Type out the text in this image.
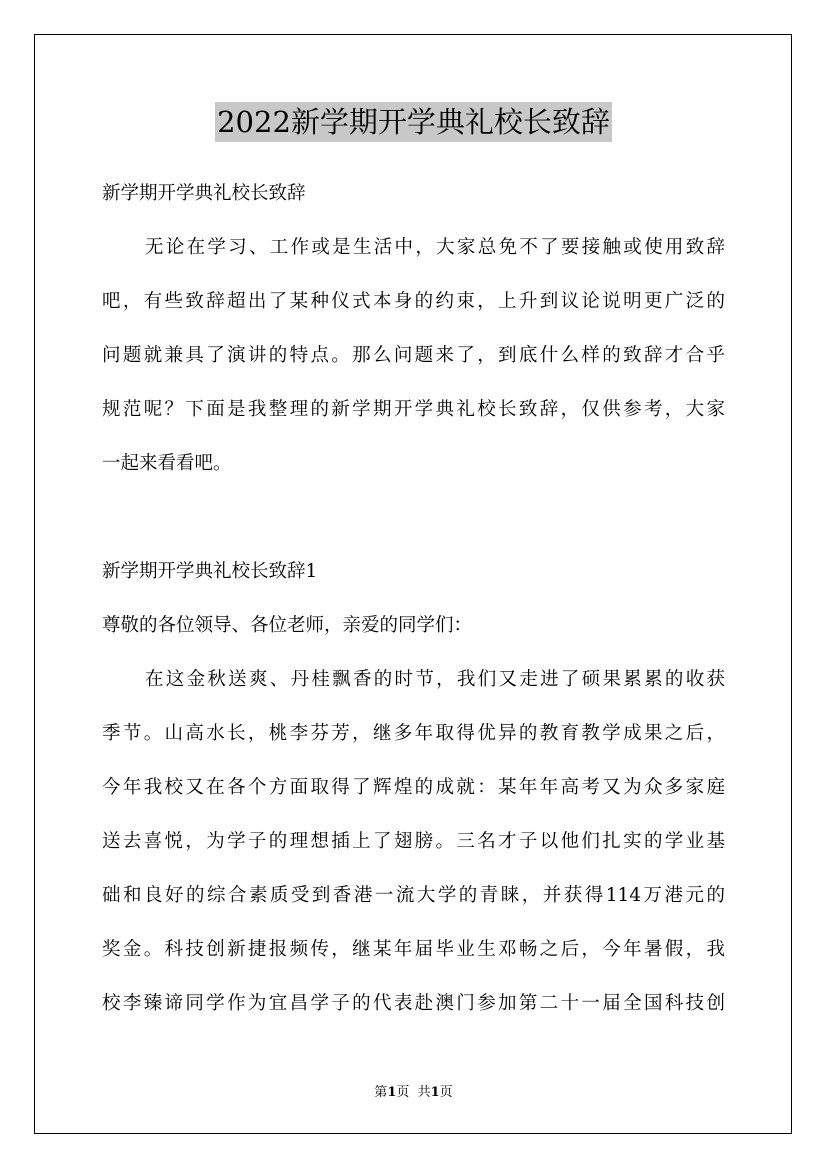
2022新学期开学典礼校长致辞
新学期开学典礼校长致辞
无论在学习、工作或是生活中，大家总免不了要接触或使用致辞
吧，有些致辞超出了某种仪式本身的约束，上升到议论说明更广泛的
问题就兼具了演讲的特点。那么问题来了，到底什么样的致辞才合乎
规范呢？下面是我整理的新学期开学典礼校长致辞，仅供参考，大家
一起来看看吧。
新学期开学典礼校长致辞1
尊敬的各位领导、各位老师，亲爱的同学们：
在这金秋送爽、丹桂飘香的时节，我们又走进了硕果累累的收获
季节。山高水长，桃李芬芳，继多年取得优异的教育教学成果之后，
今年我校又在各个方面取得了辉煌的成就：某年年高考又为众多家庭
送去喜悦，为学子的理想插上了翅膀。三名才子以他们扎实的学业基
础和良好的综合素质受到香港一流大学的青睐，并获得114万港元的
奖金。科技创新捷报频传，继某年届毕业生邓畅之后，今年暑假，我
校李臻谛同学作为宜昌学子的代表赴澳门参加第二十一届全国科技创
第1页  共1页
